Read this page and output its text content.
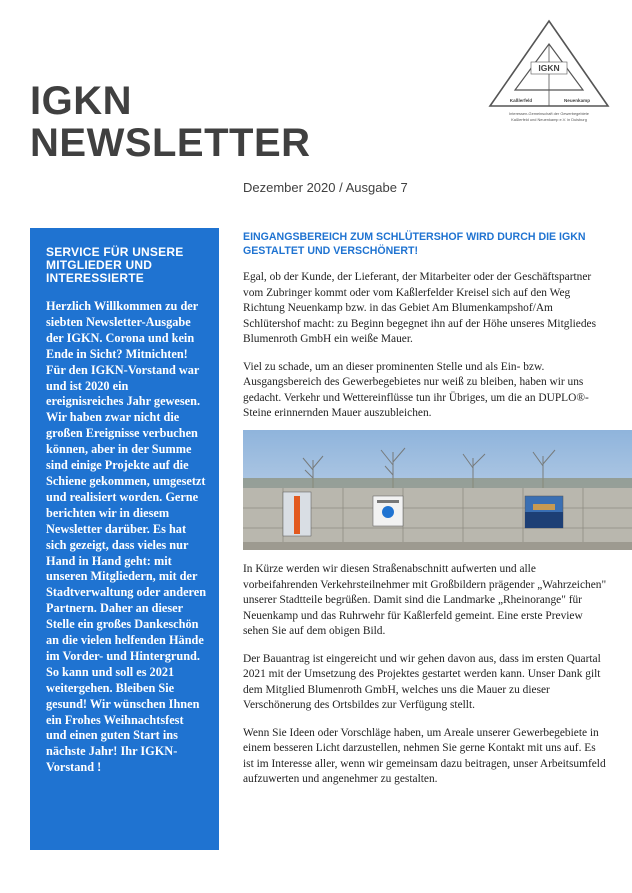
IGKN
NEWSLETTER
Dezember 2020 / Ausgabe 7
IGKN
Kaßlerfeld	Neuenkamp
Interessen-Gemeinschaft der Gewerbegebiete
Kaßlerfeld und Neuenkamp e.V. in Duisburg
SERVICE FÜR UNSERE MITGLIEDER UND INTERESSIERTE

Herzlich Willkommen zu der siebten Newsletter-Ausgabe der IGKN. Corona und kein Ende in Sicht? Mitnichten! Für den IGKN-Vorstand war und ist 2020 ein ereignisreiches Jahr gewesen. Wir haben zwar nicht die großen Ereignisse verbuchen können, aber in der Summe sind einige Projekte auf die Schiene gekommen, umgesetzt und realisiert worden. Gerne berichten wir in diesem Newsletter darüber. Es hat sich gezeigt, dass vieles nur Hand in Hand geht: mit unseren Mitgliedern, mit der Stadtverwaltung oder anderen Partnern. Daher an dieser Stelle ein großes Dankeschön an die vielen helfenden Hände im Vorder- und Hintergrund. So kann und soll es 2021 weitergehen. Bleiben Sie gesund! Wir wünschen Ihnen ein Frohes Weihnachtsfest und einen guten Start ins nächste Jahr! Ihr IGKN-Vorstand !

EINGANGSBEREICH ZUM SCHLÜTERSHOF WIRD DURCH DIE IGKN GESTALTET UND VERSCHÖNERT!

Egal, ob der Kunde, der Lieferant, der Mitarbeiter oder der Geschäftspartner vom Zubringer kommt oder vom Kaßlerfelder Kreisel sich auf den Weg Richtung Neuenkamp bzw. in das Gebiet Am Blumenkampshof/Am Schlütershof macht: zu Beginn begegnet ihn auf der Höhe unseres Mitgliedes Blumenroth GmbH ein weiße Mauer.

Viel zu schade, um an dieser prominenten Stelle und als Ein- bzw. Ausgangsbereich des Gewerbegebietes nur weiß zu bleiben, haben wir uns gedacht. Verkehr und Wettereinflüsse tun ihr Übriges, um die an DUPLO®-Steine erinnernden Mauer auszubleichen.

In Kürze werden wir diesen Straßenabschnitt aufwerten und alle vorbeifahrenden Verkehrsteilnehmer mit Großbildern prägender „Wahrzeichen" unserer Stadtteile begrüßen. Damit sind die Landmarke „Rheinorange" für Neuenkamp und das Ruhrwehr für Kaßlerfeld gemeint. Eine erste Preview sehen Sie auf dem obigen Bild.

Der Bauantrag ist eingereicht und wir gehen davon aus, dass im ersten Quartal 2021 mit der Umsetzung des Projektes gestartet werden kann. Unser Dank gilt dem Mitglied Blumenroth GmbH, welches uns die Mauer zu dieser Verschönerung des Ortsbildes zur Verfügung stellt.

Wenn Sie Ideen oder Vorschläge haben, um Areale unserer Gewerbegebiete in einem besseren Licht darzustellen, nehmen Sie gerne Kontakt mit uns auf. Es ist im Interesse aller, wenn wir gemeinsam dazu beitragen, unser Arbeitsumfeld aufzuwerten und angenehmer zu gestalten.
